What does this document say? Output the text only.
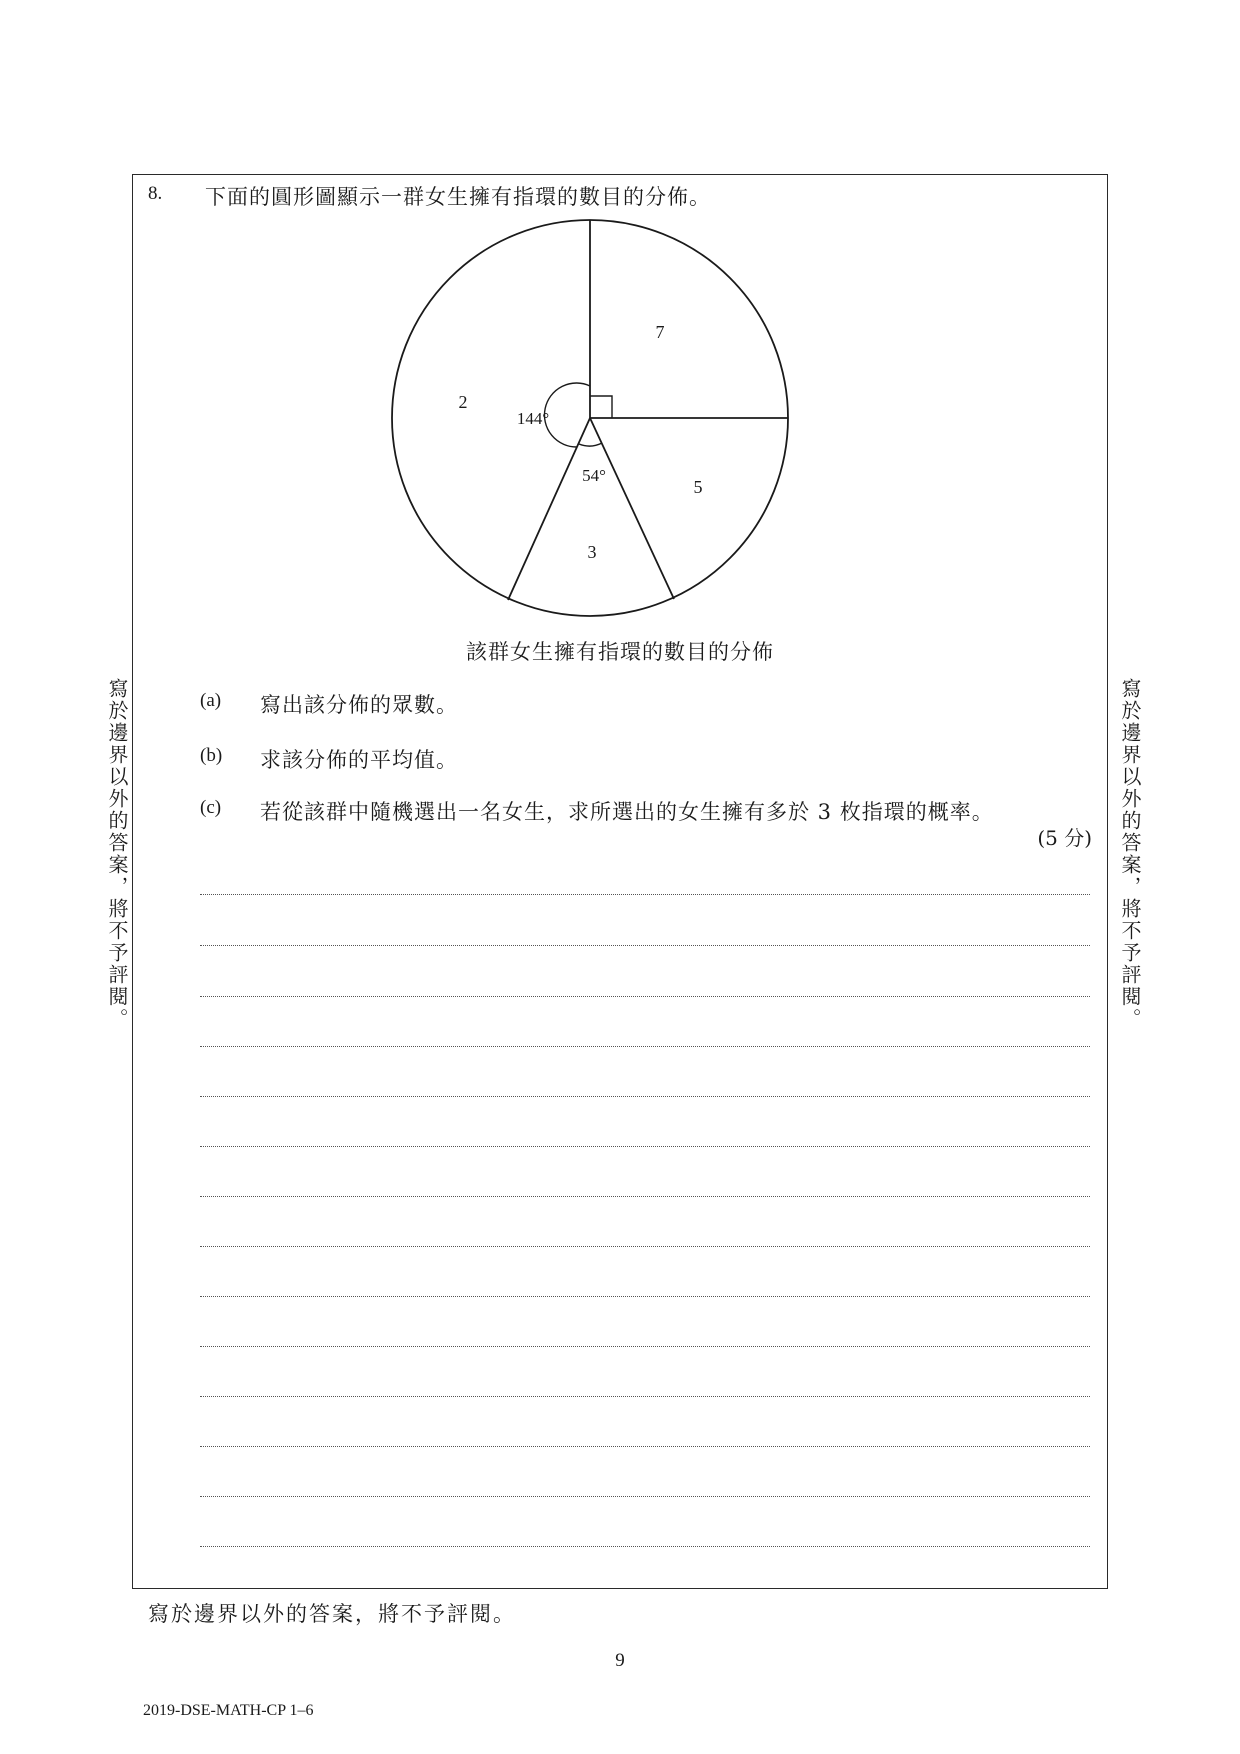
8. 下面的圓形圖顯示一群女生擁有指環的數目的分佈。
7
5
3
2
144°
54°
該群女生擁有指環的數目的分佈
(a) 寫出該分佈的眾數。
(b) 求該分佈的平均值。
(c) 若從該群中隨機選出一名女生，求所選出的女生擁有多於 3 枚指環的概率。
(5 分)
寫於邊界以外的答案，將不予評閱。	寫於邊界以外的答案，將不予評閱。
寫於邊界以外的答案，將不予評閱。
9
2019-DSE-MATH-CP 1–6
